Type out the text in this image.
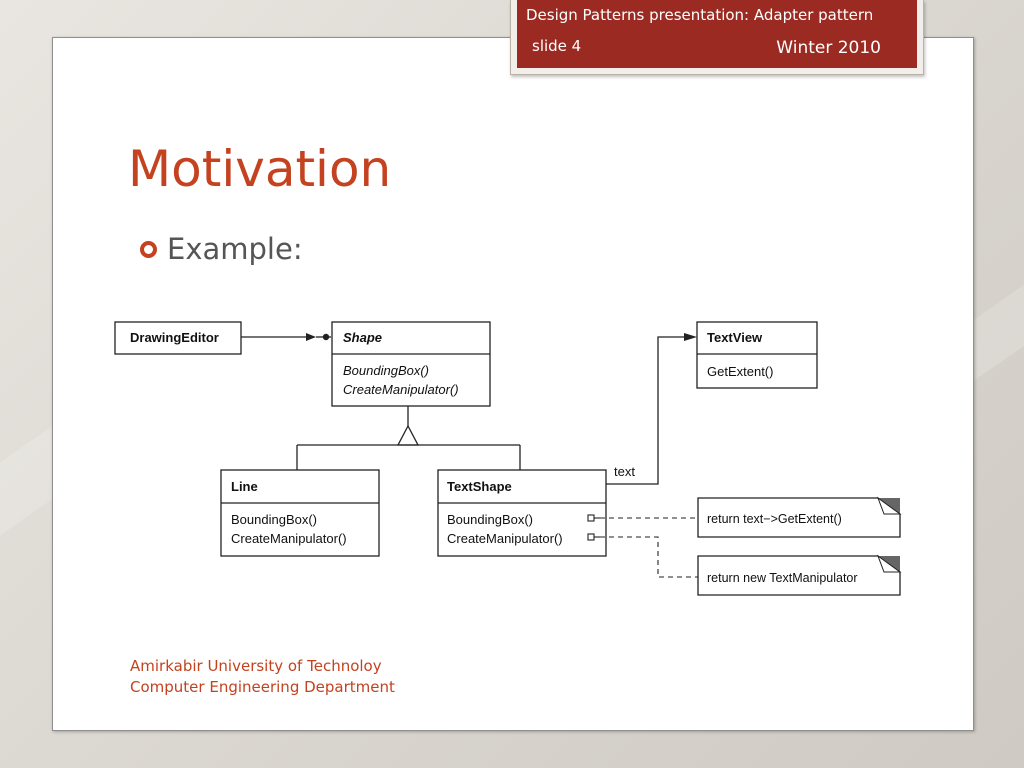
Design Patterns presentation: Adapter pattern
slide 4	Winter 2010
Motivation
Example:
DrawingEditor	Shape
BoundingBox()
CreateManipulator()
Line
BoundingBox()
CreateManipulator()
TextShape
BoundingBox()
CreateManipulator()
text
TextView
GetExtent()
return text−>GetExtent()
return new TextManipulator
Amirkabir University of Technoloy
Computer Engineering Department
